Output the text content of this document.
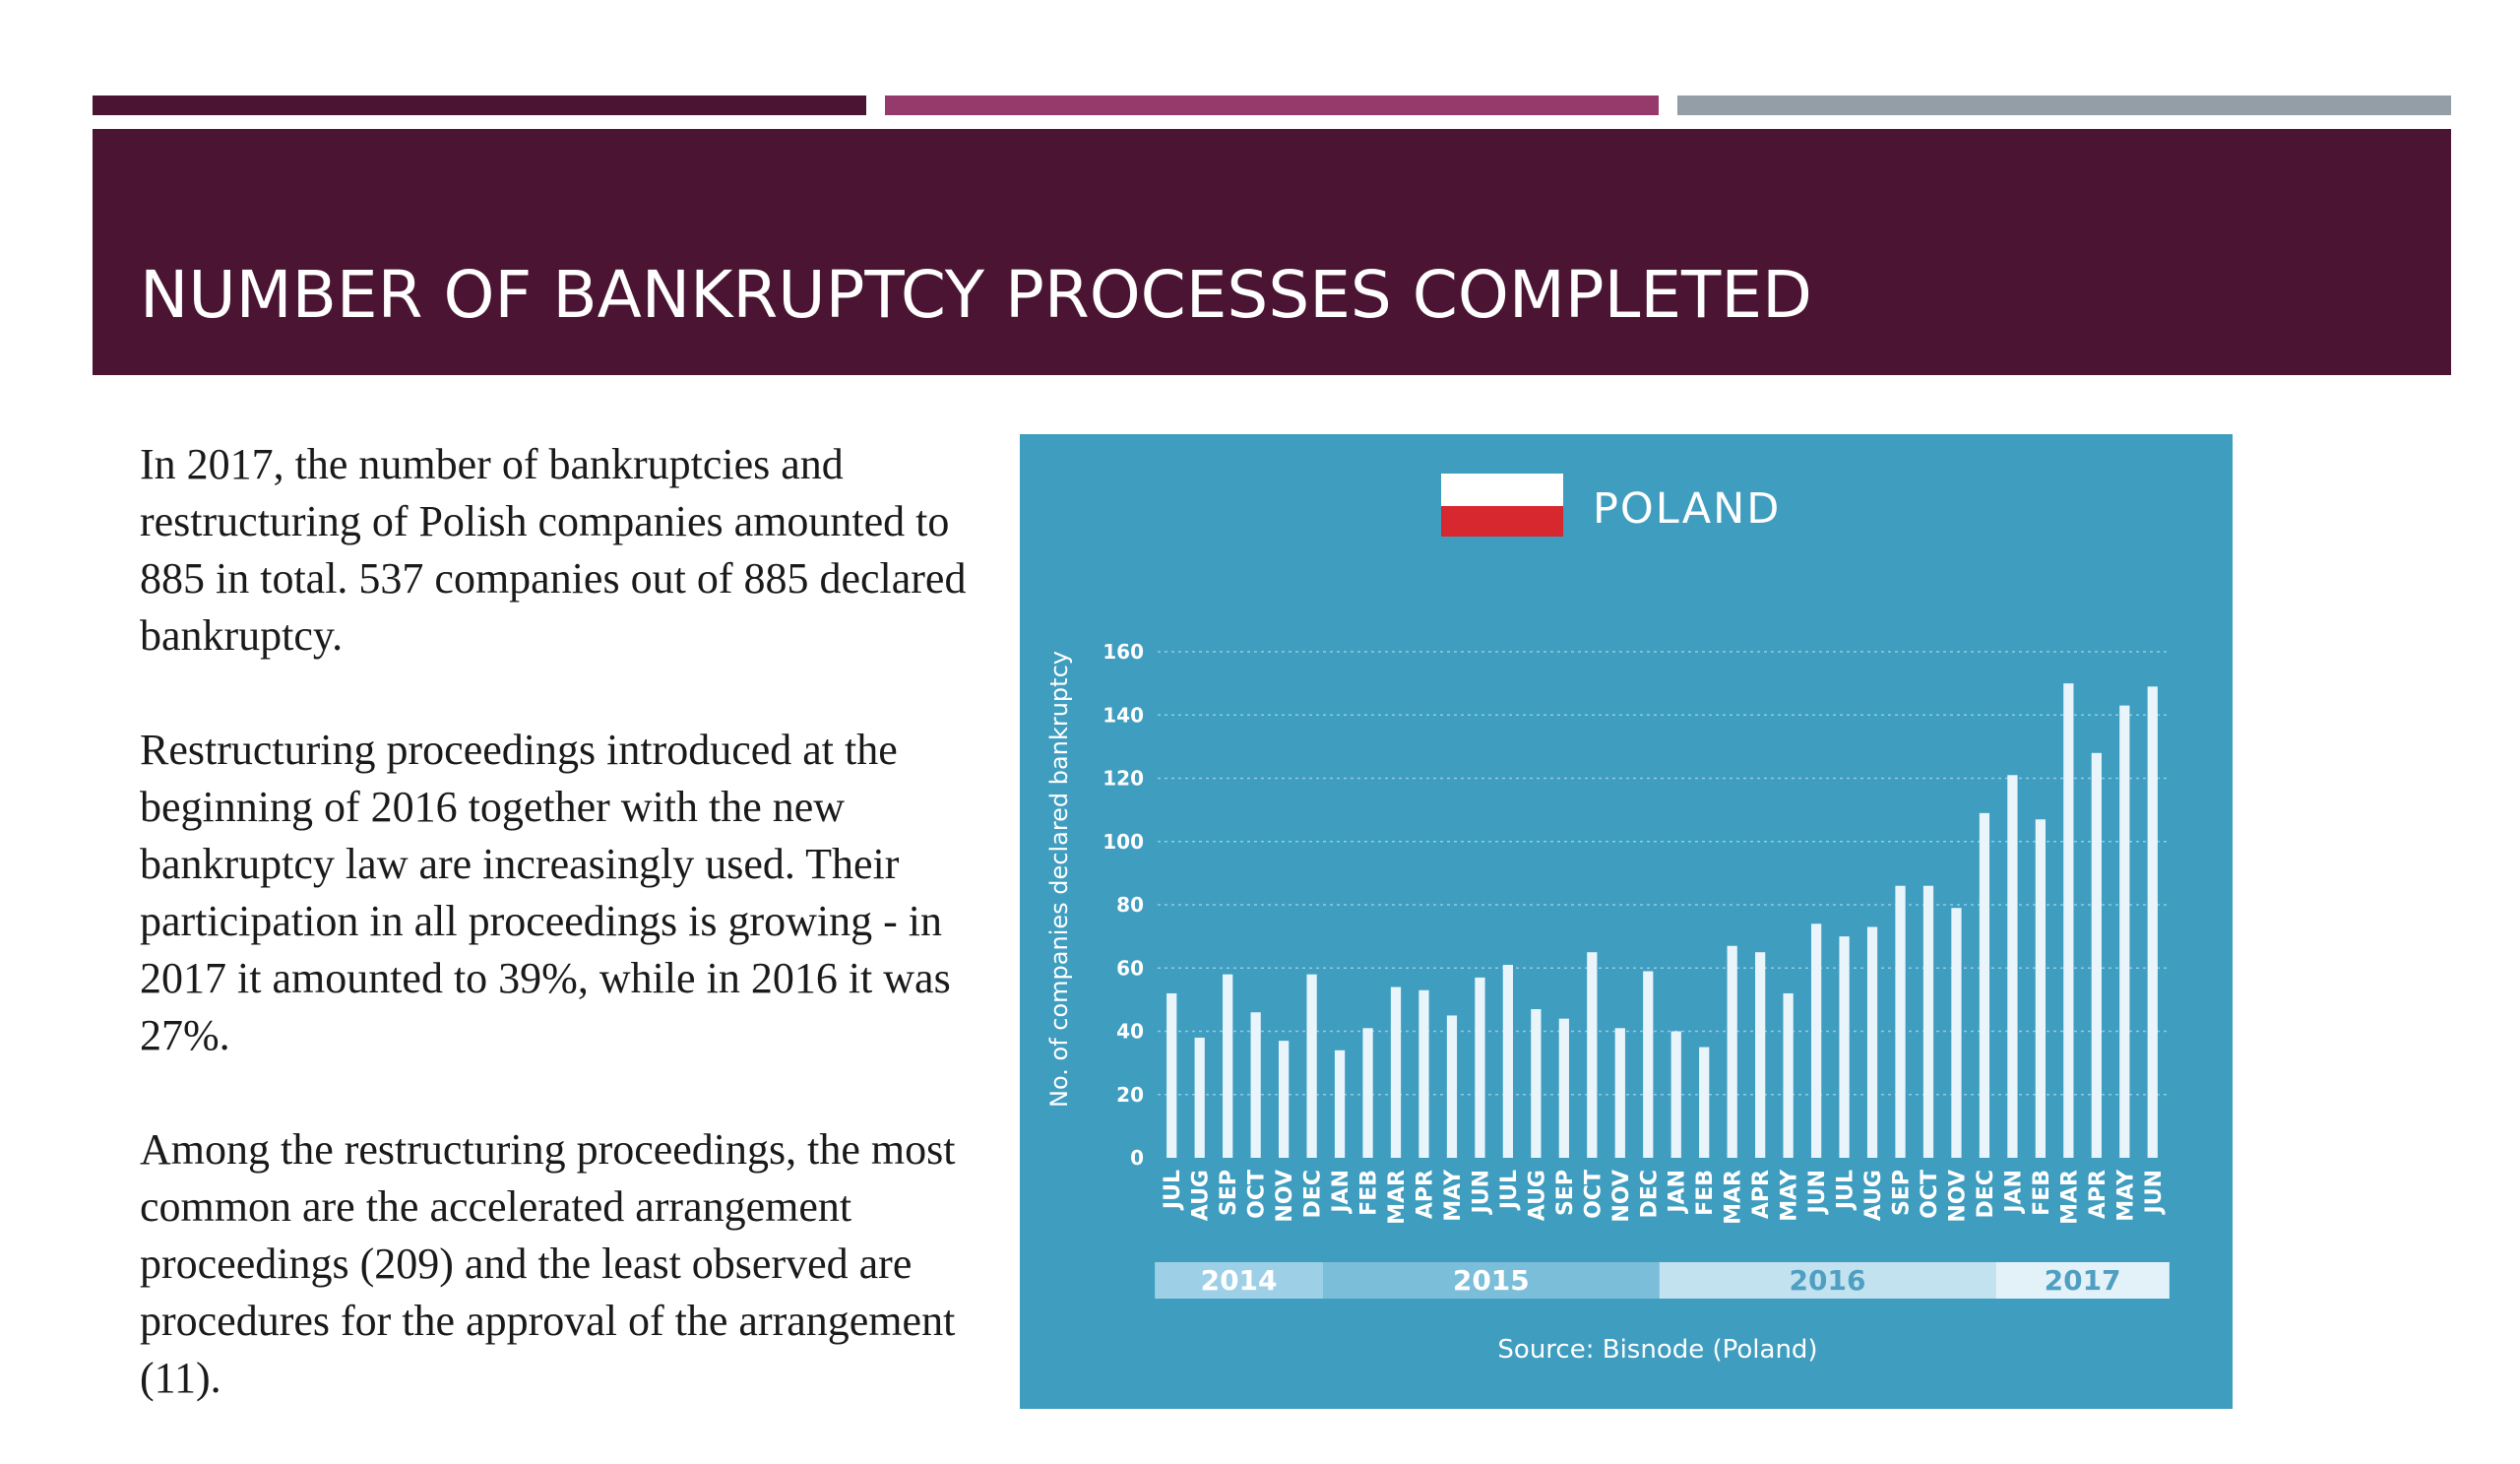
NUMBER OF BANKRUPTCY PROCESSES COMPLETED

In 2017, the number of bankruptcies and restructuring of Polish companies amounted to 885 in total. 537 companies out of 885 declared bankruptcy.

Restructuring proceedings introduced at the beginning of 2016 together with the new bankruptcy law are increasingly used. Their participation in all proceedings is growing - in 2017 it amounted to 39%, while in 2016 it was 27%.

Among the restructuring proceedings, the most common are the accelerated arrangement proceedings (209) and the least observed are procedures for the approval of the arrangement (11).

POLAND
No. of companies declared bankruptcy
0
20
40
60
80
100
120
140
160
JUL AUG SEP OCT NOV DEC JAN FEB MAR APR MAY JUN JUL AUG SEP OCT NOV DEC JAN FEB MAR APR MAY JUN JUL AUG SEP OCT NOV DEC JAN FEB MAR APR MAY JUN
2014	2015	2016	2017
Source: Bisnode (Poland)
